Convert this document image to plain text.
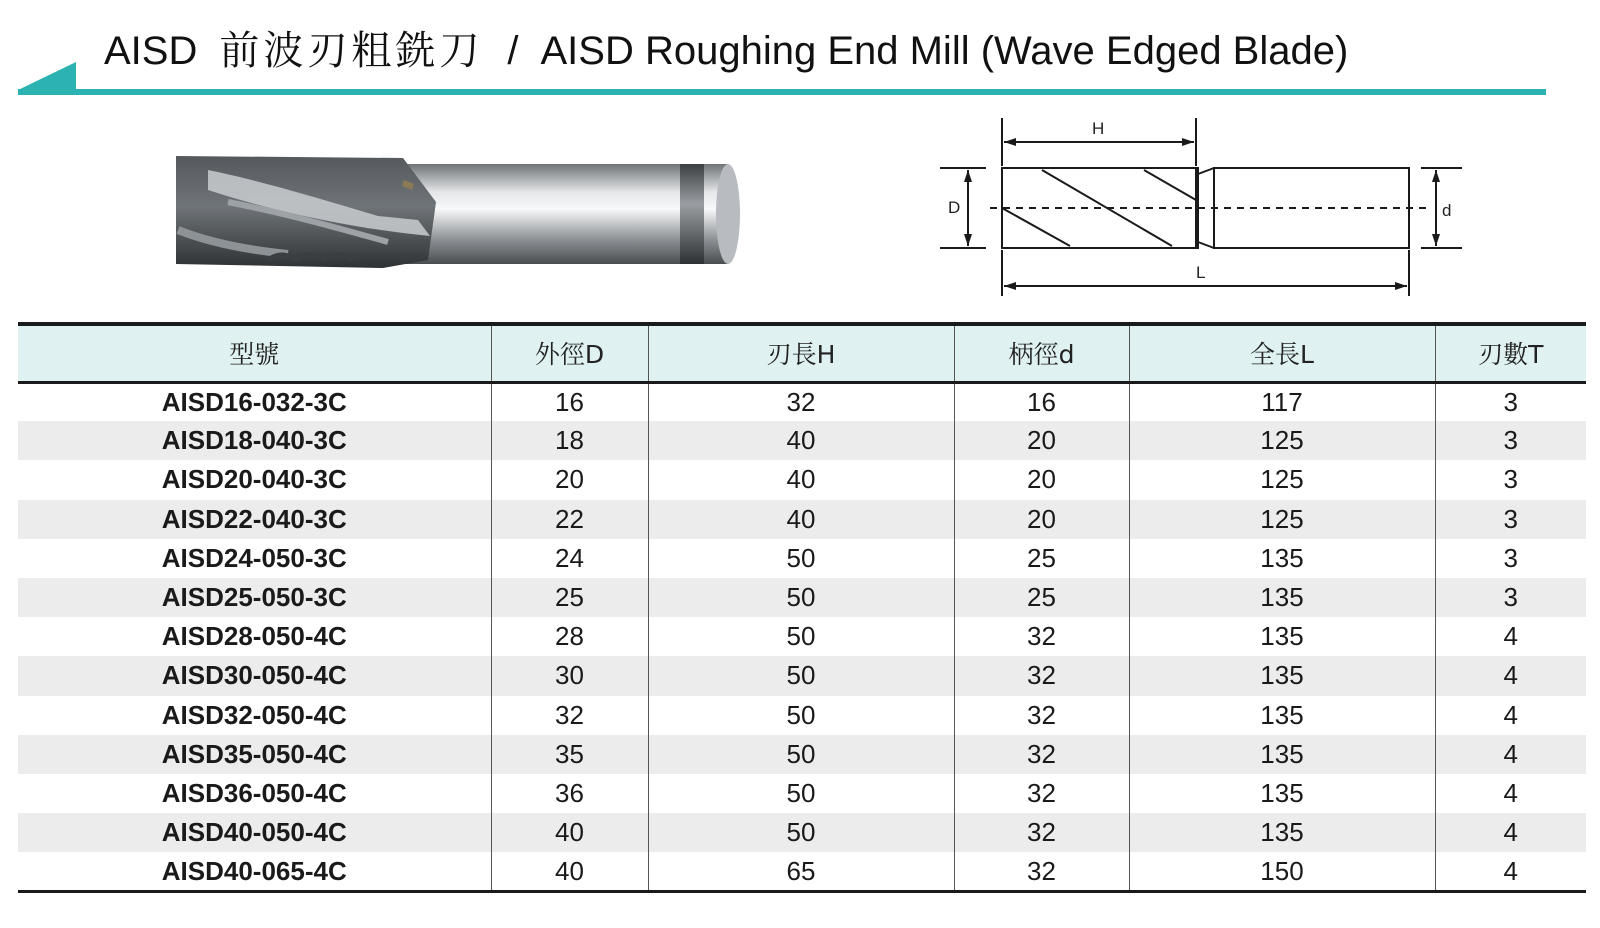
AISD 前波刃粗銑刀 / AISD Roughing End Mill (Wave Edged Blade)
H
D	d
L
型號	外徑D	刃長H	柄徑d	全長L	刃數T
AISD16-032-3C	16	32	16	117	3
AISD18-040-3C	18	40	20	125	3
AISD20-040-3C	20	40	20	125	3
AISD22-040-3C	22	40	20	125	3
AISD24-050-3C	24	50	25	135	3
AISD25-050-3C	25	50	25	135	3
AISD28-050-4C	28	50	32	135	4
AISD30-050-4C	30	50	32	135	4
AISD32-050-4C	32	50	32	135	4
AISD35-050-4C	35	50	32	135	4
AISD36-050-4C	36	50	32	135	4
AISD40-050-4C	40	50	32	135	4
AISD40-065-4C	40	65	32	150	4
